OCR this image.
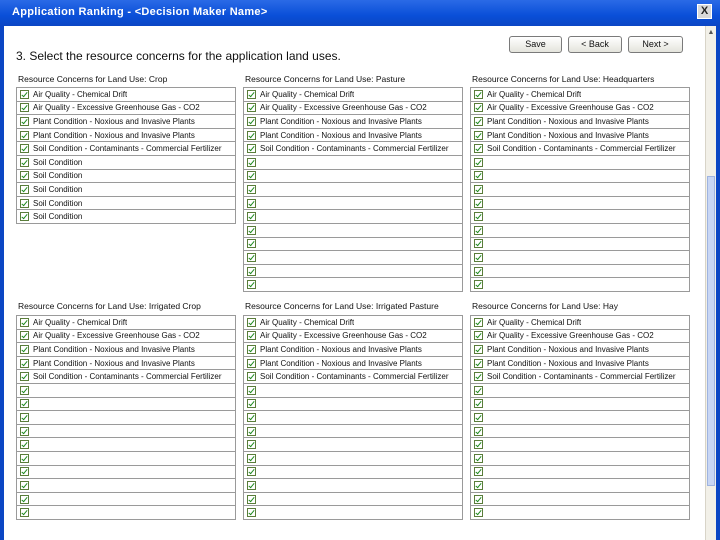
Application Ranking - <Decision Maker Name>	X
▲
3. Select the resource concerns for the application land uses.
Save	< Back	Next >
Resource Concerns for Land Use: Crop
Air Quality - Chemical Drift
Air Quality - Excessive Greenhouse Gas - CO2
Plant Condition - Noxious and Invasive Plants
Plant Condition - Noxious and Invasive Plants
Soil Condition - Contaminants - Commercial Fertilizer
Soil Condition
Soil Condition
Soil Condition
Soil Condition
Soil Condition
Resource Concerns for Land Use: Pasture
Air Quality - Chemical Drift
Air Quality - Excessive Greenhouse Gas - CO2
Plant Condition - Noxious and Invasive Plants
Plant Condition - Noxious and Invasive Plants
Soil Condition - Contaminants - Commercial Fertilizer
Resource Concerns for Land Use: Headquarters
Air Quality - Chemical Drift
Air Quality - Excessive Greenhouse Gas - CO2
Plant Condition - Noxious and Invasive Plants
Plant Condition - Noxious and Invasive Plants
Soil Condition - Contaminants - Commercial Fertilizer
Resource Concerns for Land Use: Irrigated Crop
Air Quality - Chemical Drift
Air Quality - Excessive Greenhouse Gas - CO2
Plant Condition - Noxious and Invasive Plants
Plant Condition - Noxious and Invasive Plants
Soil Condition - Contaminants - Commercial Fertilizer
Resource Concerns for Land Use: Irrigated Pasture
Air Quality - Chemical Drift
Air Quality - Excessive Greenhouse Gas - CO2
Plant Condition - Noxious and Invasive Plants
Plant Condition - Noxious and Invasive Plants
Soil Condition - Contaminants - Commercial Fertilizer
Resource Concerns for Land Use: Hay
Air Quality - Chemical Drift
Air Quality - Excessive Greenhouse Gas - CO2
Plant Condition - Noxious and Invasive Plants
Plant Condition - Noxious and Invasive Plants
Soil Condition - Contaminants - Commercial Fertilizer
